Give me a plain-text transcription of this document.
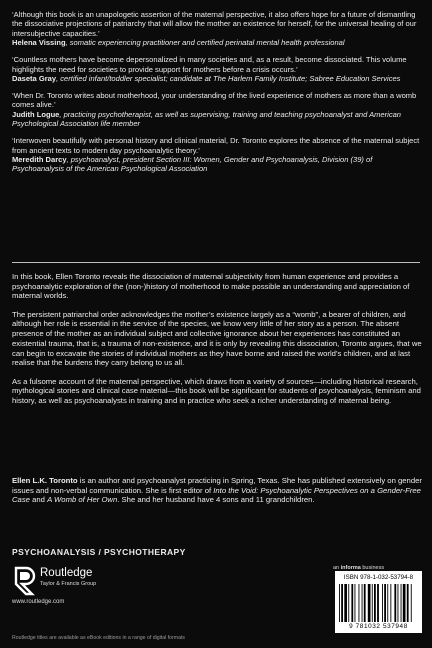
‘Although this book is an unapologetic assertion of the maternal perspective, it also offers hope for a future of dismantling the dissociative projections of patriarchy that will allow the mother an existence for herself, for the universal healing of our intersubjective capacities.’
Helena Vissing, somatic experiencing practitioner and certified perinatal mental health professional
‘Countless mothers have become depersonalized in many societies and, as a result, become dissociated. This volume highlights the need for societies to provide support for mothers before a crisis occurs.’
Daseta Gray, certified infant/toddler specialist; candidate at The Harlem Family Institute; Sabree Education Services
‘When Dr. Toronto writes about motherhood, your understanding of the lived experience of mothers as more than a womb comes alive.’
Judith Logue, practicing psychotherapist, as well as supervising, training and teaching psychoanalyst and American Psychological Association life member
‘Interwoven beautifully with personal history and clinical material, Dr. Toronto explores the absence of the maternal subject from ancient texts to modern day psychoanalytic theory.’
Meredith Darcy, psychoanalyst, president Section III: Women, Gender and Psychoanalysis, Division (39) of Psychoanalysis of the American Psychological Association

In this book, Ellen Toronto reveals the dissociation of maternal subjectivity from human experience and provides a psychoanalytic exploration of the (non-)history of motherhood to make possible an understanding and appreciation of maternal worlds.

The persistent patriarchal order acknowledges the mother’s existence largely as a “womb”, a bearer of children, and although her role is essential in the service of the species, we know very little of her story as a person. The absent presence of the mother as an individual subject and collective ignorance about her experiences has constituted an existential trauma, that is, a trauma of non-existence, and it is only by revealing this dissociation, Toronto argues, that we can begin to excavate the stories of individual mothers as they have borne and raised the world’s children, and at last realise that the burdens they carry belong to us all.

As a fulsome account of the maternal perspective, which draws from a variety of sources—including historical research, mythological stories and clinical case material—this book will be significant for students of psychoanalysis, feminism and history, as well as psychoanalysts in training and in practice who seek a richer understanding of maternal being.

Ellen L.K. Toronto is an author and psychoanalyst practicing in Spring, Texas. She has published extensively on gender issues and non-verbal communication. She is first editor of Into the Void: Psychoanalytic Perspectives on a Gender-Free Case and A Womb of Her Own. She and her husband have 4 sons and 11 grandchildren.
PSYCHOANALYSIS / PSYCHOTHERAPY
Routledge
Taylor & Francis Group
www.routledge.com
an informa business
ISBN 978-1-032-53794-8
9 781032 537948
Routledge titles are available as eBook editions in a range of digital formats
